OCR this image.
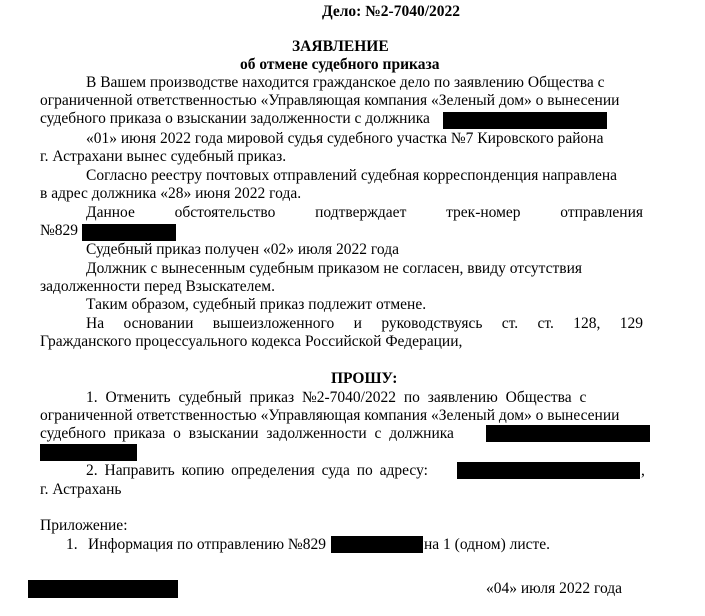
Дело: №2-7040/2022
ЗАЯВЛЕНИЕ
об отмене судебного приказа
В Вашем производстве находится гражданское дело по заявлению Общества с
ограниченной ответственностью «Управляющая компания «Зеленый дом» о вынесении
судебного приказа о взыскании задолженности с должника
«01» июня 2022 года мировой судья судебного участка №7 Кировского района
г. Астрахани вынес судебный приказ.
Согласно реестру почтовых отправлений судебная корреспонденция направлена
в адрес должника «28» июня 2022 года.
Данное	обстоятельство	подтверждает	трек-номер	отправления
№829
Судебный приказ получен «02» июля 2022 года
Должник с вынесенным судебным приказом не согласен, ввиду отсутствия
задолженности перед Взыскателем.
Таким образом, судебный приказ подлежит отмене.
На основании вышеизложенного и руководствуясь ст. ст. 128, 129
Гражданского процессуального кодекса Российской Федерации,
ПРОШУ:
1. Отменить судебный приказ №2-7040/2022 по заявлению Общества с
ограниченной ответственностью «Управляющая компания «Зеленый дом» о вынесении
судебного приказа о взыскании задолженности с должника
2. Направить копию определения суда по адресу:	,
г. Астрахань
Приложение:
1. Информация по отправлению №829	на 1 (одном) листе.
«04» июля 2022 года
